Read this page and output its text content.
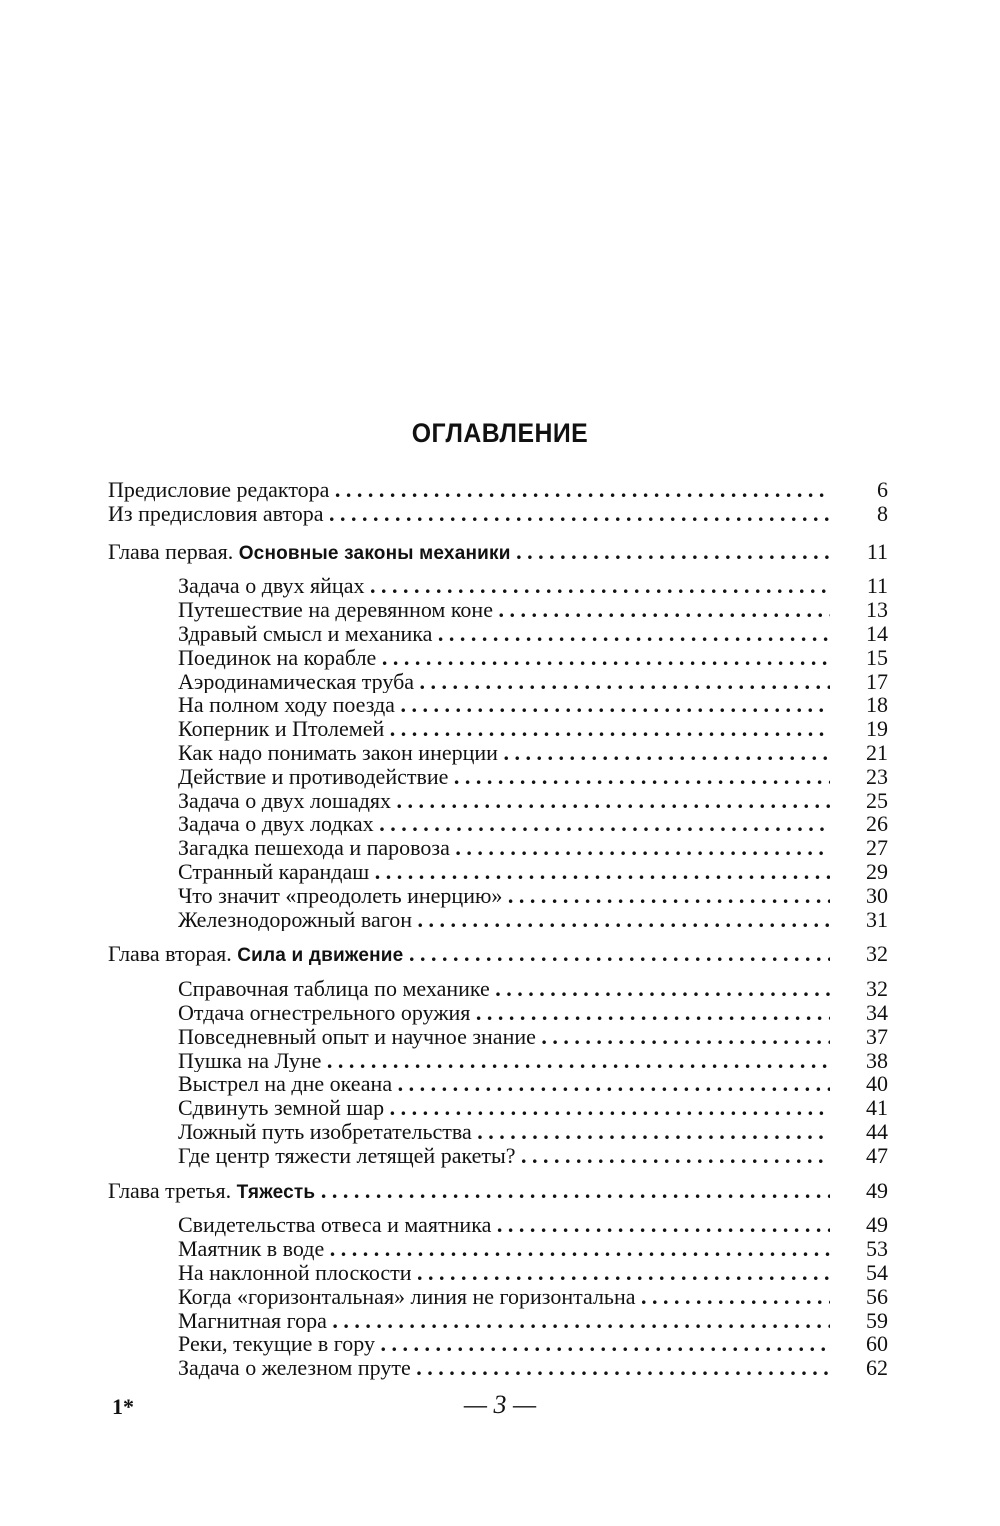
ОГЛАВЛЕНИЕ
Предисловие редактора . . .	6
Из предисловия автора . . .	8
Глава первая. Основные законы механики . . .	11
Задача о двух яйцах . . .	11
Путешествие на деревянном коне . . .	13
Здравый смысл и механика . . .	14
Поединок на корабле . . .	15
Аэродинамическая труба . . .	17
На полном ходу поезда . . .	18
Коперник и Птолемей . . .	19
Как надо понимать закон инерции . . .	21
Действие и противодействие . . .	23
Задача о двух лошадях . . .	25
Задача о двух лодках . . .	26
Загадка пешехода и паровоза . . .	27
Странный карандаш . . .	29
Что значит «преодолеть инерцию» . . .	30
Железнодорожный вагон . . .	31
Глава вторая. Сила и движение . . .	32
Справочная таблица по механике . . .	32
Отдача огнестрельного оружия . . .	34
Повседневный опыт и научное знание . . .	37
Пушка на Луне . . .	38
Выстрел на дне океана . . .	40
Сдвинуть земной шар . . .	41
Ложный путь изобретательства . . .	44
Где центр тяжести летящей ракеты? . . .	47
Глава третья. Тяжесть . . .	49
Свидетельства отвеса и маятника . . .	49
Маятник в воде . . .	53
На наклонной плоскости . . .	54
Когда «горизонтальная» линия не горизонтальна . . .	56
Магнитная гора . . .	59
Реки, текущие в гору . . .	60
Задача о железном пруте . . .	62
1*	— 3 —
